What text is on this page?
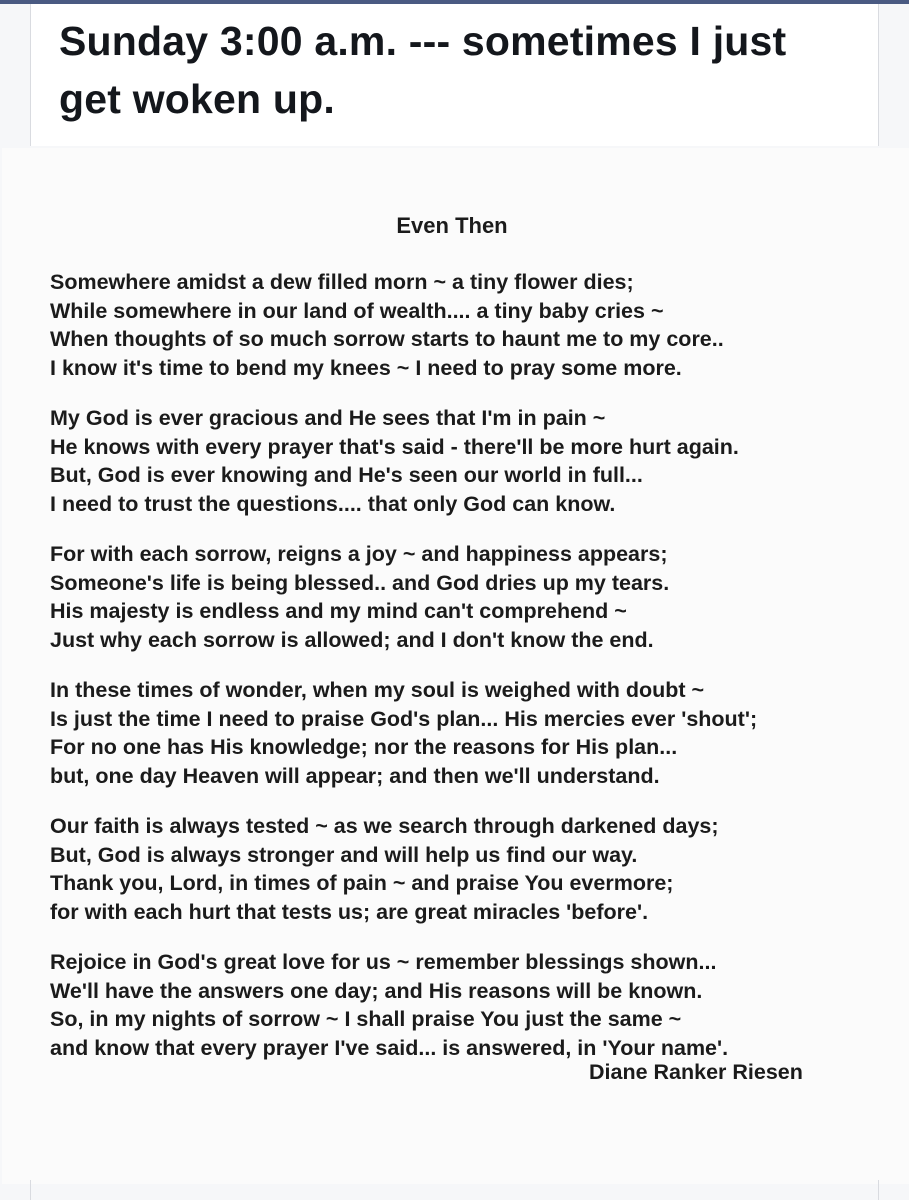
Sunday 3:00 a.m. --- sometimes I just get woken up.
Even Then
Somewhere amidst a dew filled morn ~ a tiny flower dies;
While somewhere in our land of wealth.... a tiny baby cries ~
When thoughts of so much sorrow starts to haunt me to my core..
I know it's time to bend my knees ~ I need to pray some more.
My God is ever gracious and He sees that I'm in pain ~
He knows with every prayer that's said - there'll be more hurt again.
But, God is ever knowing and He's seen our world in full...
I need to trust the questions.... that only God can know.
For with each sorrow, reigns a joy ~ and happiness appears;
Someone's life is being blessed.. and God dries up my tears.
His majesty is endless and my mind can't comprehend ~
Just why each sorrow is allowed; and I don't know the end.
In these times of wonder, when my soul is weighed with doubt ~
Is just the time I need to praise God's plan... His mercies ever 'shout';
For no one has His knowledge; nor the reasons for His plan...
but, one day Heaven will appear; and then we'll understand.
Our faith is always tested ~ as we search through darkened days;
But, God is always stronger and will help us find our way.
Thank you, Lord, in times of pain ~ and praise You evermore;
for with each hurt that tests us; are great miracles 'before'.
Rejoice in God's great love for us ~ remember blessings shown...
We'll have the answers one day; and His reasons will be known.
So, in my nights of sorrow ~ I shall praise You just the same ~
and know that every prayer I've said... is answered, in 'Your name'.
Diane Ranker Riesen
